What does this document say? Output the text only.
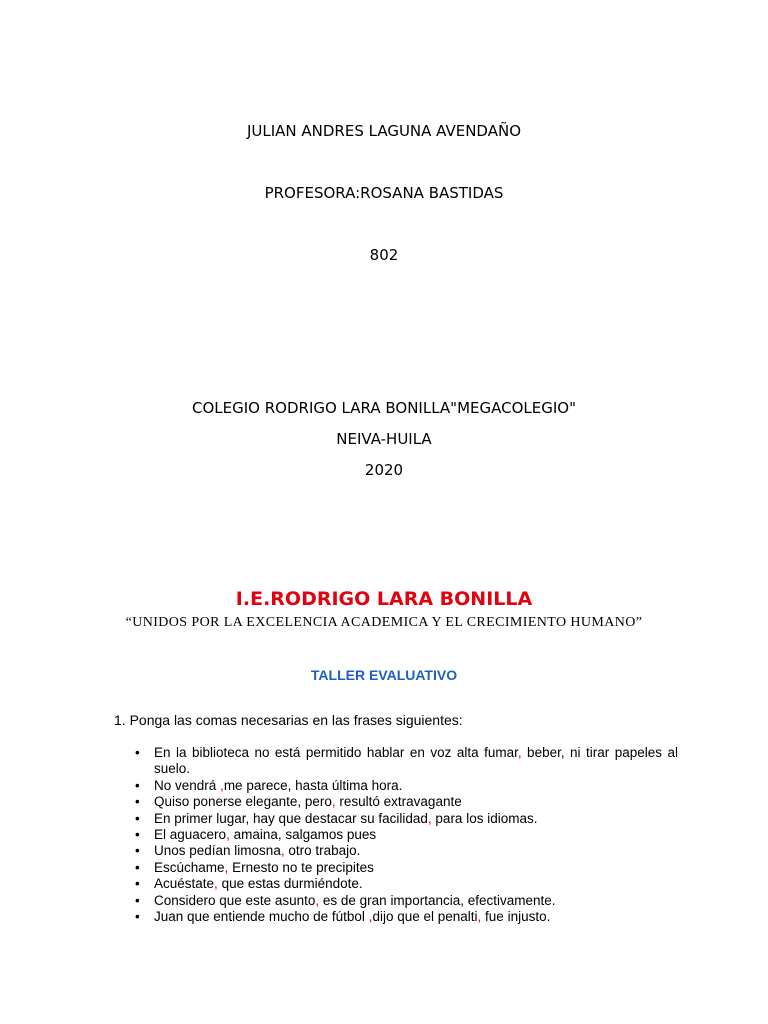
JULIAN ANDRES LAGUNA AVENDAÑO
PROFESORA:ROSANA BASTIDAS
802
COLEGIO RODRIGO LARA BONILLA"MEGACOLEGIO"
NEIVA-HUILA
2020
I.E.RODRIGO LARA BONILLA
“UNIDOS POR LA EXCELENCIA ACADEMICA Y EL CRECIMIENTO HUMANO”
TALLER EVALUATIVO
1. Ponga las comas necesarias en las frases siguientes:
• En la biblioteca no está permitido hablar en voz alta fumar, beber, ni tirar papeles al suelo.
• No vendrá ,me parece, hasta última hora.
• Quiso ponerse elegante, pero, resultó extravagante
• En primer lugar, hay que destacar su facilidad, para los idiomas.
• El aguacero, amaina, salgamos pues
• Unos pedían limosna, otro trabajo.
• Escúchame, Ernesto no te precipites
• Acuéstate, que estas durmiéndote.
• Considero que este asunto, es de gran importancia, efectivamente.
• Juan que entiende mucho de fútbol ,dijo que el penalti, fue injusto.
